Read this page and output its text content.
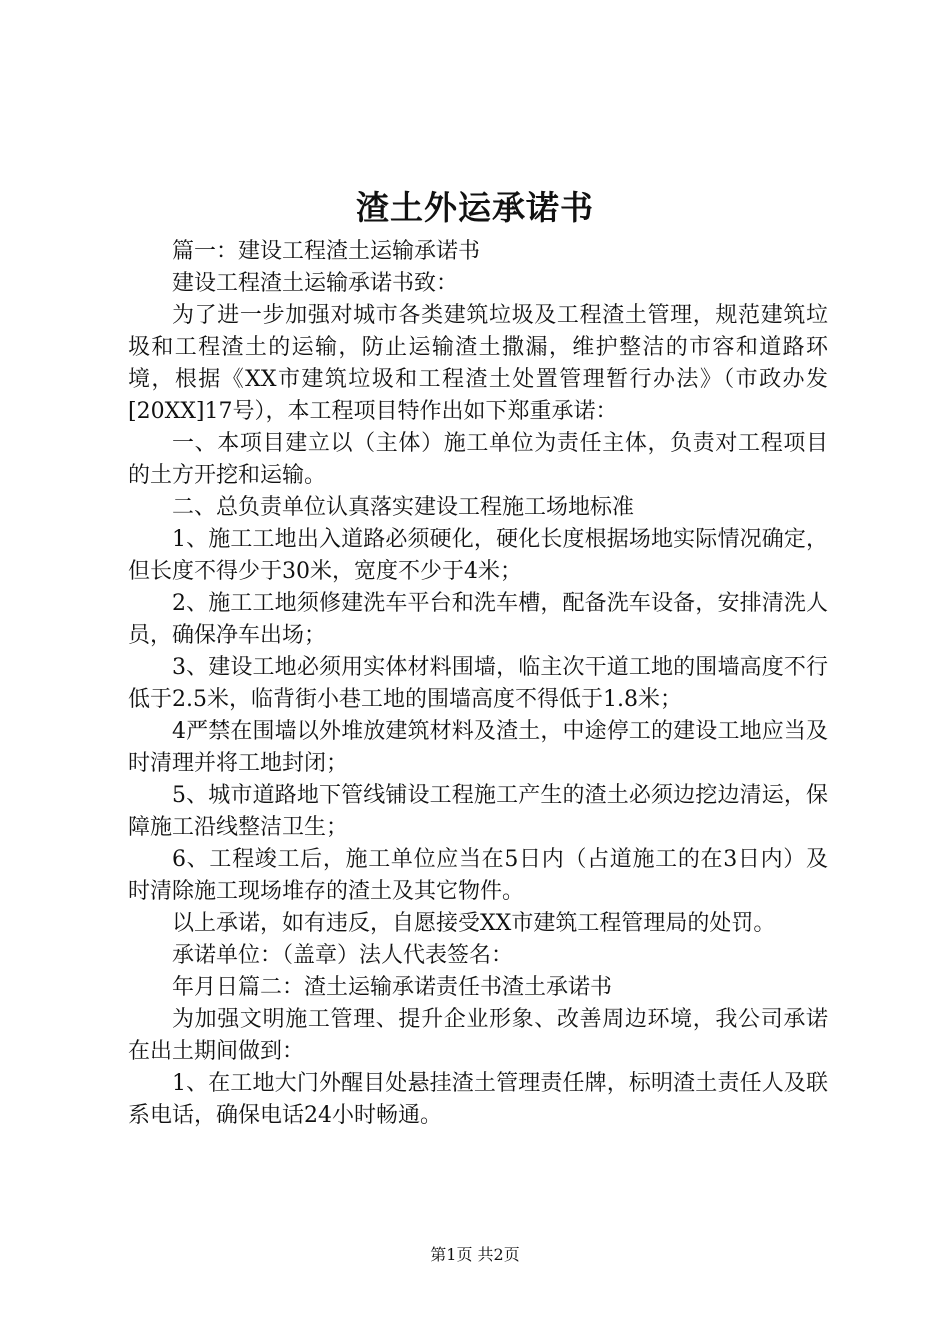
渣土外运承诺书

篇一：建设工程渣土运输承诺书

建设工程渣土运输承诺书致：

为了进一步加强对城市各类建筑垃圾及工程渣土管理，规范建筑垃圾和工程渣土的运输，防止运输渣土撒漏，维护整洁的市容和道路环境，根据《XX市建筑垃圾和工程渣土处置管理暂行办法》（市政办发[20XX]17号），本工程项目特作出如下郑重承诺：

一、本项目建立以（主体）施工单位为责任主体，负责对工程项目的土方开挖和运输。

二、总负责单位认真落实建设工程施工场地标准

1、施工工地出入道路必须硬化，硬化长度根据场地实际情况确定，但长度不得少于30米，宽度不少于4米；

2、施工工地须修建洗车平台和洗车槽，配备洗车设备，安排清洗人员，确保净车出场；

3、建设工地必须用实体材料围墙，临主次干道工地的围墙高度不行低于2.5米，临背街小巷工地的围墙高度不得低于1.8米；

4严禁在围墙以外堆放建筑材料及渣土，中途停工的建设工地应当及时清理并将工地封闭；

5、城市道路地下管线铺设工程施工产生的渣土必须边挖边清运，保障施工沿线整洁卫生；

6、工程竣工后，施工单位应当在5日内（占道施工的在3日内）及时清除施工现场堆存的渣土及其它物件。

以上承诺，如有违反，自愿接受XX市建筑工程管理局的处罚。

承诺单位：（盖章）法人代表签名：

年月日篇二：渣土运输承诺责任书渣土承诺书

为加强文明施工管理、提升企业形象、改善周边环境，我公司承诺在出土期间做到：

1、在工地大门外醒目处悬挂渣土管理责任牌，标明渣土责任人及联系电话，确保电话24小时畅通。

第1页 共2页
